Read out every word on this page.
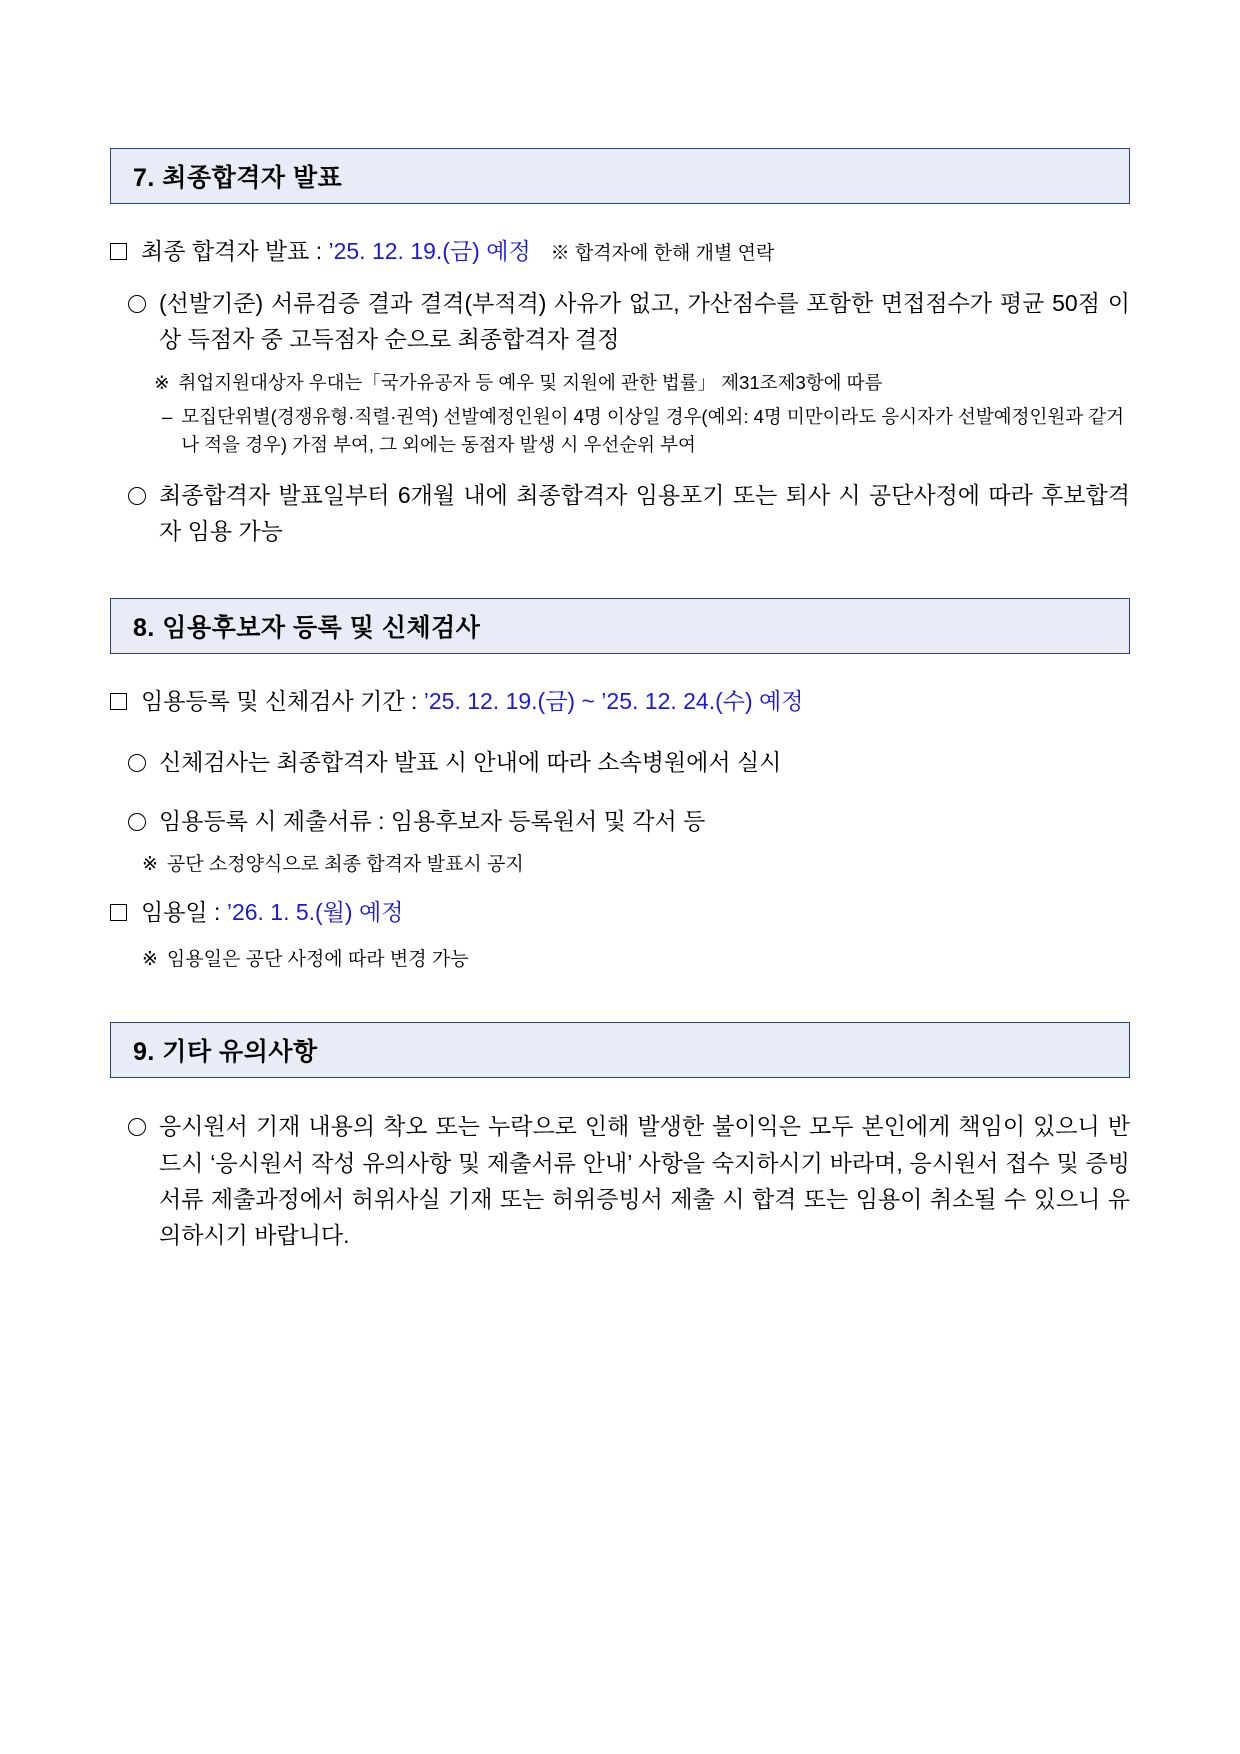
7. 최종합격자 발표
최종 합격자 발표 : ’25. 12. 19.(금) 예정 ※ 합격자에 한해 개별 연락
(선발기준) 서류검증 결과 결격(부적격) 사유가 없고, 가산점수를 포함한 면접점수가 평균 50점 이상 득점자 중 고득점자 순으로 최종합격자 결정
※ 취업지원대상자 우대는「국가유공자 등 예우 및 지원에 관한 법률」 제31조제3항에 따름
– 모집단위별(경쟁유형·직렬·권역) 선발예정인원이 4명 이상일 경우(예외: 4명 미만이라도 응시자가 선발예정인원과 같거나 적을 경우) 가점 부여, 그 외에는 동점자 발생 시 우선순위 부여
최종합격자 발표일부터 6개월 내에 최종합격자 임용포기 또는 퇴사 시 공단사정에 따라 후보합격자 임용 가능
8. 임용후보자 등록 및 신체검사
임용등록 및 신체검사 기간 : ’25. 12. 19.(금) ~ ’25. 12. 24.(수) 예정
신체검사는 최종합격자 발표 시 안내에 따라 소속병원에서 실시
임용등록 시 제출서류 : 임용후보자 등록원서 및 각서 등
※ 공단 소정양식으로 최종 합격자 발표시 공지
임용일 : ’26. 1. 5.(월) 예정
※ 임용일은 공단 사정에 따라 변경 가능
9. 기타 유의사항
응시원서 기재 내용의 착오 또는 누락으로 인해 발생한 불이익은 모두 본인에게 책임이 있으니 반드시 ‘응시원서 작성 유의사항 및 제출서류 안내’ 사항을 숙지하시기 바라며, 응시원서 접수 및 증빙서류 제출과정에서 허위사실 기재 또는 허위증빙서 제출 시 합격 또는 임용이 취소될 수 있으니 유의하시기 바랍니다.
